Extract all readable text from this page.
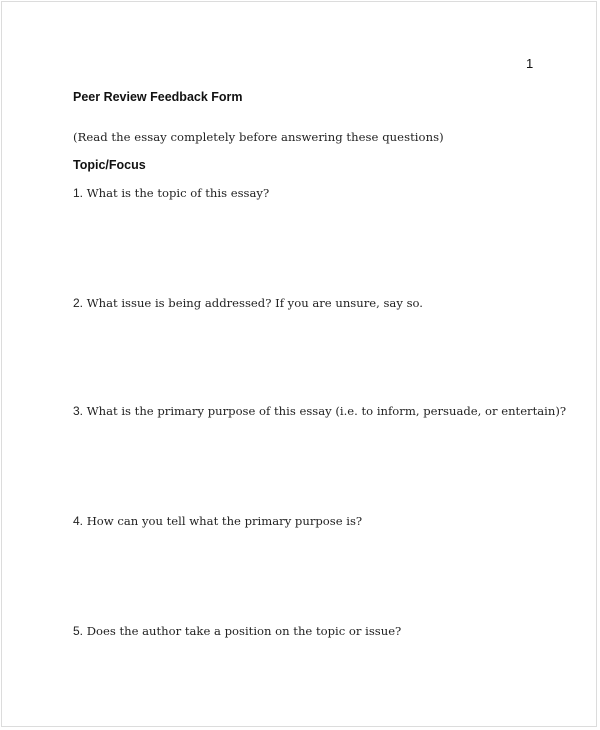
1
Peer Review Feedback Form
(Read the essay completely before answering these questions)
Topic/Focus
1. What is the topic of this essay?
2. What issue is being addressed? If you are unsure, say so.
3. What is the primary purpose of this essay (i.e. to inform, persuade, or entertain)?
4. How can you tell what the primary purpose is?
5. Does the author take a position on the topic or issue?
